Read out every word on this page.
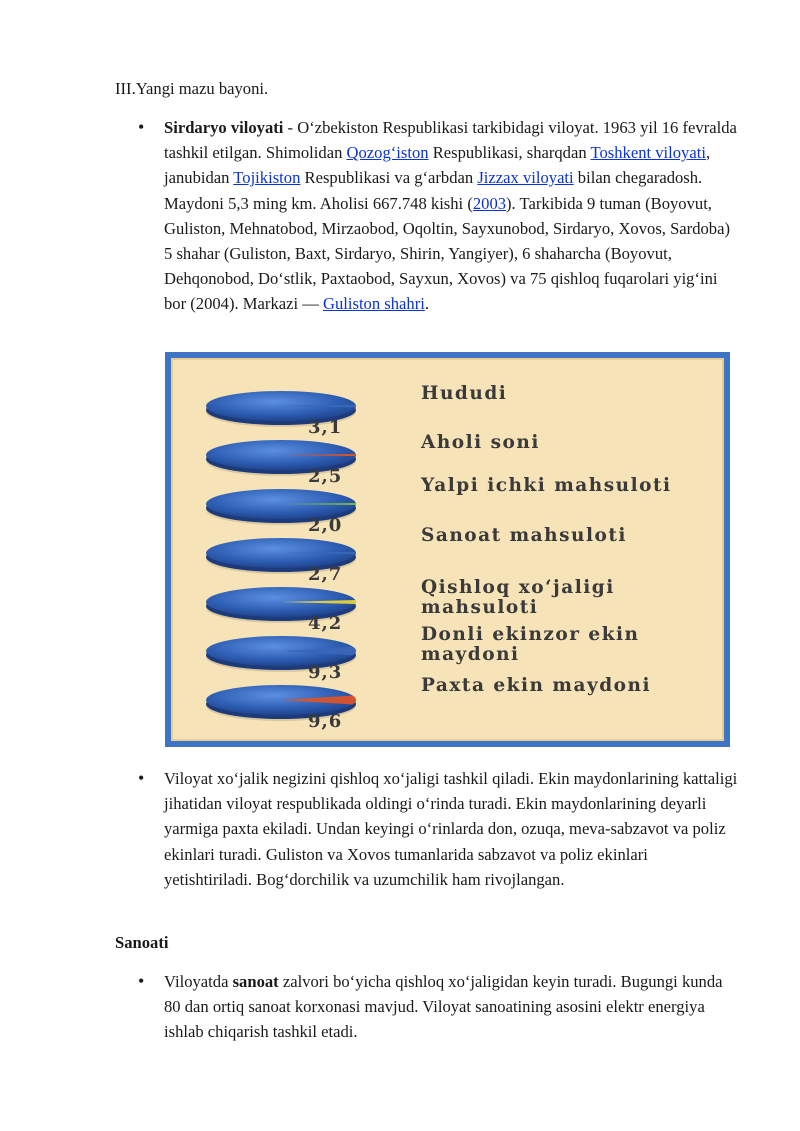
III.Yangi mazu bayoni.
• Sirdaryo viloyati - O‘zbekiston Respublikasi tarkibidagi viloyat. 1963 yil 16 fevralda tashkil etilgan. Shimolidan Qozog‘iston Respublikasi, sharqdan Toshkent viloyati, janubidan Tojikiston Respublikasi va g‘arbdan Jizzax viloyati bilan chegaradosh. Maydoni 5,3 ming km. Aholisi 667.748 kishi (2003). Tarkibida 9 tuman (Boyovut, Guliston, Mehnatobod, Mirzaobod, Oqoltin, Sayxunobod, Sirdaryo, Xovos, Sardoba) 5 shahar (Guliston, Baxt, Sirdaryo, Shirin, Yangiyer), 6 shaharcha (Boyovut, Dehqonobod, Do‘stlik, Paxtaobod, Sayxun, Xovos) va 75 qishloq fuqarolari yig‘ini bor (2004). Markazi — Guliston shahri.
3,1
Hududi
2,5
Aholi soni
2,0
Yalpi ichki mahsuloti
2,7
Sanoat mahsuloti
4,2
Qishloq xo‘jaligi mahsuloti
9,3
Donli ekinzor ekin maydoni
9,6
Paxta ekin maydoni
• Viloyat xo‘jalik negizini qishloq xo‘jaligi tashkil qiladi. Ekin maydonlarining kattaligi jihatidan viloyat respublikada oldingi o‘rinda turadi. Ekin maydonlarining deyarli yarmiga paxta ekiladi. Undan keyingi o‘rinlarda don, ozuqa, meva-sabzavot va poliz ekinlari turadi. Guliston va Xovos tumanlarida sabzavot va poliz ekinlari yetishtiriladi. Bog‘dorchilik va uzumchilik ham rivojlangan.
Sanoati
• Viloyatda sanoat zalvori bo‘yicha qishloq xo‘jaligidan keyin turadi. Bugungi kunda 80 dan ortiq sanoat korxonasi mavjud. Viloyat sanoatining asosini elektr energiya ishlab chiqarish tashkil etadi.
